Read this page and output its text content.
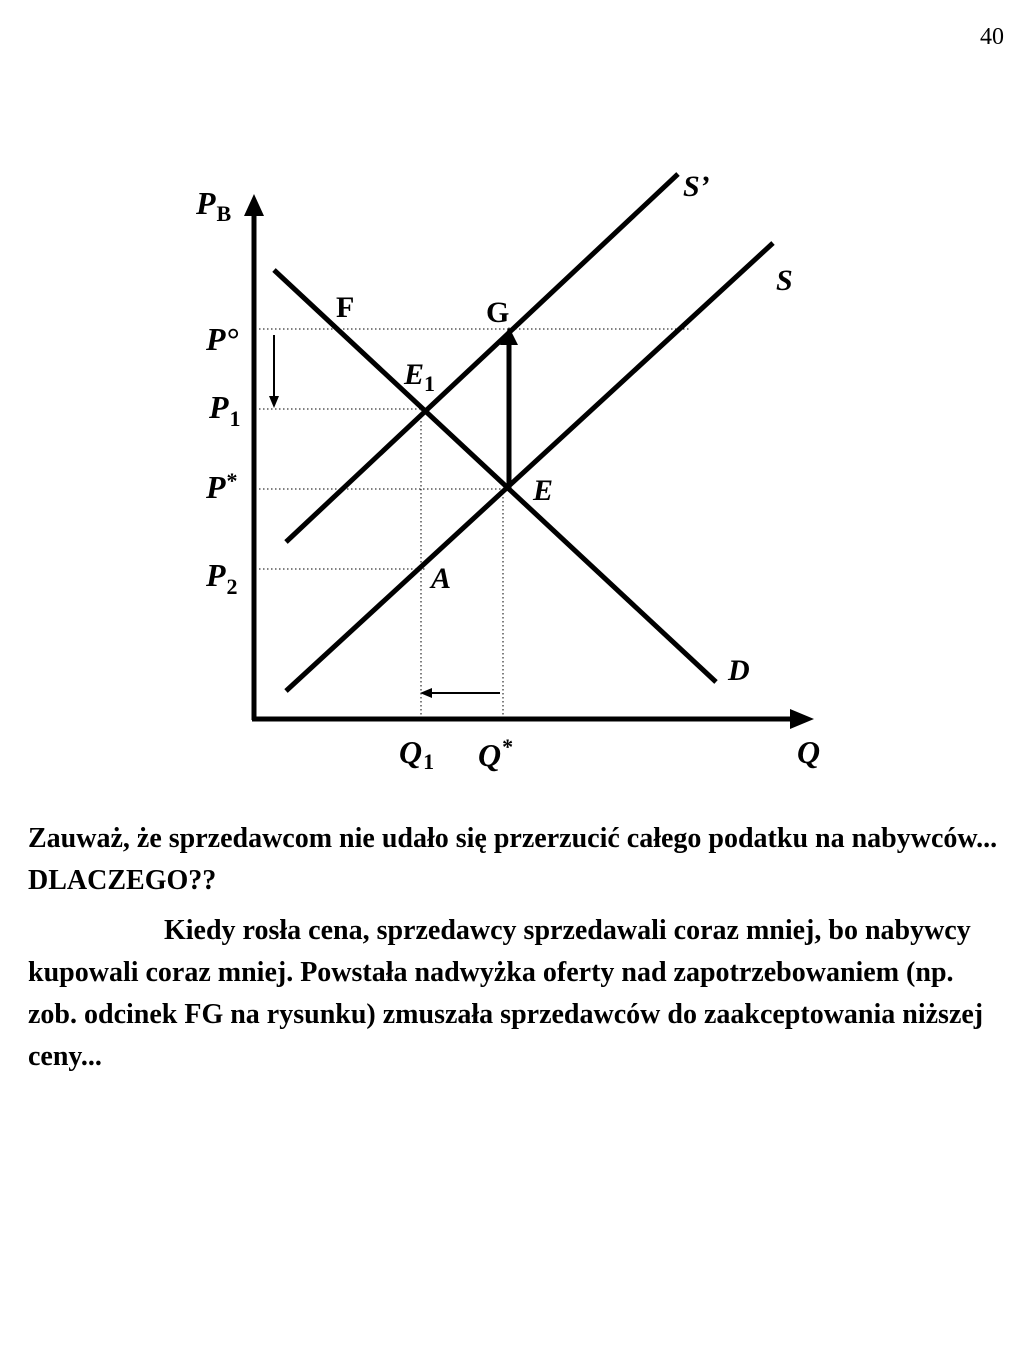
40
$P_B$
Q
P°
$P_1$
P*
$P_2$
Q1 Q*
S’
S
D
F	G
$E_1$
E
A

Zauważ, że sprzedawcom nie udało się przerzucić całego podatku na nabywców... DLACZEGO??

Kiedy rosła cena, sprzedawcy sprzedawali coraz mniej, bo nabywcy kupowali coraz mniej. Powstała nadwyżka oferty nad zapotrzebowaniem (np. zob. odcinek FG na rysunku) zmuszała sprzedawców do zaakceptowania niższej ceny...
